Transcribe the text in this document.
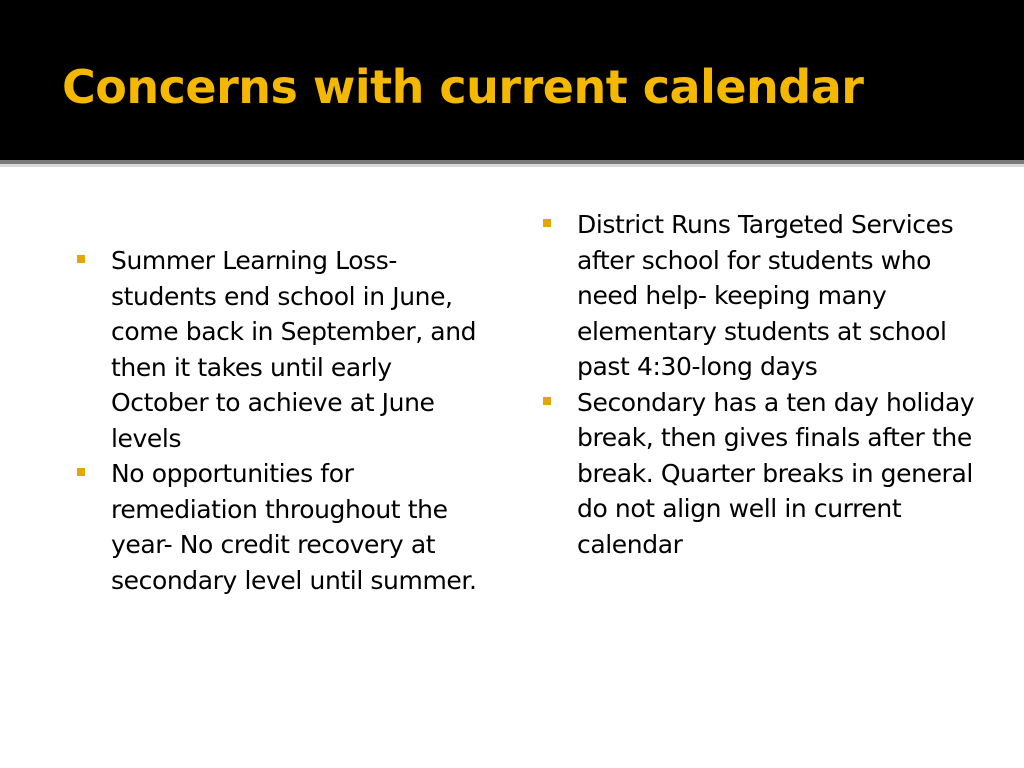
Concerns with current calendar
Summer Learning Loss- students end school in June, come back in September, and then it takes until early October to achieve at June levels
No opportunities for remediation throughout the year- No credit recovery at secondary level until summer.
District Runs Targeted Services after school for students who need help- keeping many elementary students at school past 4:30-long days
Secondary has a ten day holiday break, then gives finals after the break. Quarter breaks in general do not align well in current calendar
